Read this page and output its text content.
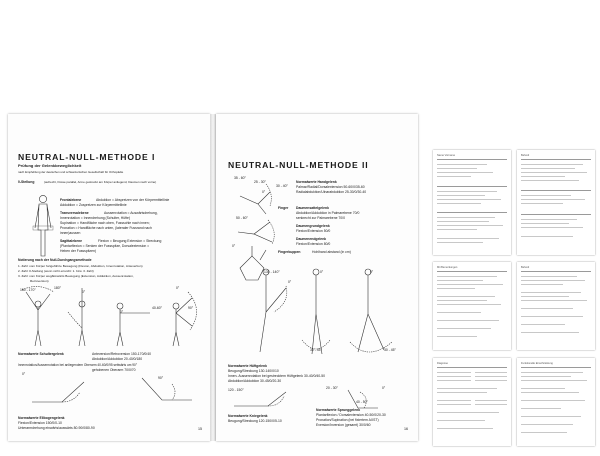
NEUTRAL-NULL-METHODE I
Prüfung der Gelenkbeweglichkeit
nach Empfehlung der deutschen und schweizerischen Gesellschaft für Orthopädie
0-Stellung	(aufrecht, Füsse parallel, Arme gestreckt am Körper anliegend, Daumen nach vorne)
Frontalebene	Abduktion = Abspreizen von der Körpermittellinie
Adduktion = Zuspreizen zur Körpermittellinie
Transversalebene	Aussenrotation = Auswärtsdrehung,
Innenrotation = Innendrehung (Schulter, Hüfte)
Supination = Handfläche nach oben, Fusssohle nach innen;
Pronation = Handfläche nach unten, (lateraler Fussrand nach
innen)aussen
Sagittalebene	Flexion = Beugung Extension = Streckung
(Plantarflexion = Senken der Fussspitze, Dorsalextension =
Heben der Fussspitzen)
Notierung nach der Null-Durchgangsmethode
1. Zahl: vom Körper fortgeführte Bewegung (Flexion, Abduktion, Innenrotation, Antevertion)
2. Zahl: 0-Stellung (wenn nicht erreicht: 1. bzw. 3. Zahl)
3. Zahl: vom Körper weg/Einwärts Bewegung (Extension, Adduktion, Aussenrotation,
Retroversion)
150 - 170°	180°
0°
0°
40-60°	90°
0°
Normalwerte Schultergelenk	Anteversion/Retroversion 150-170/0/40
Abduktion/Adduktion 20-40/0/180
Innenrotation/Aussenrotation bei anliegendem Oberarm 40-60/0/95 seitwärts um 90°
gehobenen Oberarm 70/0/70
0°
90°
Normalwerte Ellbogengelenk
Flexion/Extension 150/0/0-10
Unterarmdrehung einwärts/auswärts 80-90/0/80-90	15
NEUTRAL-NULL-METHODE II
35 - 60°
0°
25 - 30°
30 - 40°
50 - 60°
0°
Normalwerte Handgelenk
Palmar/Radial/Dorsalextension 50-60/0/35-60
Radialabduktion/Ulnarabduktion 25-30/0/30-40
Finger Daumensattelgelenk
Abduktion/Adduktion in Palmarebene 70/0
senkrecht zur Palmarebene 70/0
Daumengrundgelenk
Flexion/Extension 50/0
Daumenendgelenk
Flexion/Extension 80/0
Fingerkuppen	Hohlhand abstand (in cm)
130 - 140°
0°
0°
30 - 45°
0°
30 - 45°
Normalwerte Hüftgelenk
Beugung/Streckung 130-140/0/10
Innen- Aussenrotation bei gestrecktem Hüftgelenk 30-40/0/40-50
Abduktion/Adduktion 30-45/0/20-30
120 - 150°	20 - 30°	0°
40 - 50°
Normalwerte Kniegelenk
Beugung/Streckung 120-150/0/5-10
Normalwerte Sprunggelenk
Plantarflexion / Dorsalextension 40-50/0/20-30
Pronation/Supination (bei fixiertem AXST)
Eversion/Inversion (gesamt) 30/0/60
16
Name Vorname	Befund
Mit Bemerkungen	Befund
Diagnose	Funktionelle Einschränkung
